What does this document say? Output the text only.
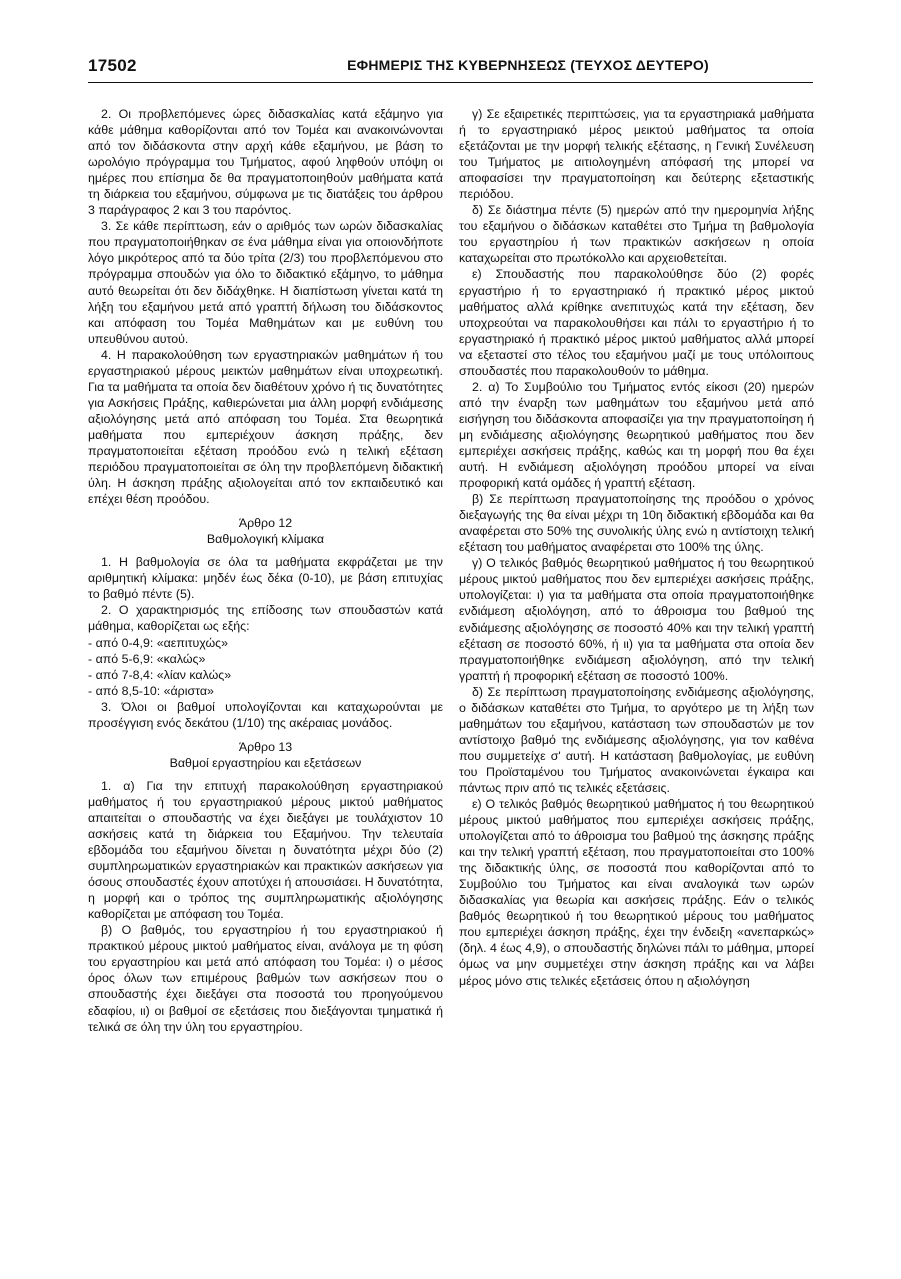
17502	ΕΦΗΜΕΡΙΣ ΤΗΣ ΚΥΒΕΡΝΗΣΕΩΣ (ΤΕΥΧΟΣ ΔΕΥΤΕΡΟ)

2. Οι προβλεπόμενες ώρες διδασκαλίας κατά εξάμηνο για κάθε μάθημα καθορίζονται από τον Τομέα και ανακοινώνονται από τον διδάσκοντα στην αρχή κάθε εξαμήνου, με βάση το ωρολόγιο πρόγραμμα του Τμήματος, αφού ληφθούν υπόψη οι ημέρες που επίσημα δε θα πραγματοποιηθούν μαθήματα κατά τη διάρκεια του εξαμήνου, σύμφωνα με τις διατάξεις του άρθρου 3 παράγραφος 2 και 3 του παρόντος.

3. Σε κάθε περίπτωση, εάν ο αριθμός των ωρών διδασκαλίας που πραγματοποιήθηκαν σε ένα μάθημα είναι για οποιονδήποτε λόγο μικρότερος από τα δύο τρίτα (2/3) του προβλεπόμενου στο πρόγραμμα σπουδών για όλο το διδακτικό εξάμηνο, το μάθημα αυτό θεωρείται ότι δεν διδάχθηκε. Η διαπίστωση γίνεται κατά τη λήξη του εξαμήνου μετά από γραπτή δήλωση του διδάσκοντος και απόφαση του Τομέα Μαθημάτων και με ευθύνη του υπευθύνου αυτού.

4. Η παρακολούθηση των εργαστηριακών μαθημάτων ή του εργαστηριακού μέρους μεικτών μαθημάτων είναι υποχρεωτική. Για τα μαθήματα τα οποία δεν διαθέτουν χρόνο ή τις δυνατότητες για Ασκήσεις Πράξης, καθιερώνεται μια άλλη μορφή ενδιάμεσης αξιολόγησης μετά από απόφαση του Τομέα. Στα θεωρητικά μαθήματα που εμπεριέχουν άσκηση πράξης, δεν πραγματοποιείται εξέταση προόδου ενώ η τελική εξέταση περιόδου πραγματοποιείται σε όλη την προβλεπόμενη διδακτική ύλη. Η άσκηση πράξης αξιολογείται από τον εκπαιδευτικό και επέχει θέση προόδου.

Άρθρο 12

Βαθμολογική κλίμακα

1. Η βαθμολογία σε όλα τα μαθήματα εκφράζεται με την αριθμητική κλίμακα: μηδέν έως δέκα (0-10), με βάση επιτυχίας το βαθμό πέντε (5).

2. Ο χαρακτηρισμός της επίδοσης των σπουδαστών κατά μάθημα, καθορίζεται ως εξής:

- από 0-4,9: «αεπιτυχώς»

- από 5-6,9: «καλώς»

- από 7-8,4: «λίαν καλώς»

- από 8,5-10: «άριστα»

3. Όλοι οι βαθμοί υπολογίζονται και καταχωρούνται με προσέγγιση ενός δεκάτου (1/10) της ακέραιας μονάδος.

Άρθρο 13

Βαθμοί εργαστηρίου και εξετάσεων

1. α) Για την επιτυχή παρακολούθηση εργαστηριακού μαθήματος ή του εργαστηριακού μέρους μικτού μαθήματος απαιτείται ο σπουδαστής να έχει διεξάγει με τουλάχιστον 10 ασκήσεις κατά τη διάρκεια του Εξαμήνου. Την τελευταία εβδομάδα του εξαμήνου δίνεται η δυνατότητα μέχρι δύο (2) συμπληρωματικών εργαστηριακών και πρακτικών ασκήσεων για όσους σπουδαστές έχουν αποτύχει ή απουσιάσει. Η δυνατότητα, η μορφή και ο τρόπος της συμπληρωματικής αξιολόγησης καθορίζεται με απόφαση του Τομέα.

β) Ο βαθμός, του εργαστηρίου ή του εργαστηριακού ή πρακτικού μέρους μικτού μαθήματος είναι, ανάλογα με τη φύση του εργαστηρίου και μετά από απόφαση του Τομέα: ι) ο μέσος όρος όλων των επιμέρους βαθμών των ασκήσεων που ο σπουδαστής έχει διεξάγει στα ποσοστά του προηγούμενου εδαφίου, ιι) οι βαθμοί σε εξετάσεις που διεξάγονται τμηματικά ή τελικά σε όλη την ύλη του εργαστηρίου.

γ) Σε εξαιρετικές περιπτώσεις, για τα εργαστηριακά μαθήματα ή το εργαστηριακό μέρος μεικτού μαθήματος τα οποία εξετάζονται με την μορφή τελικής εξέτασης, η Γενική Συνέλευση του Τμήματος με αιτιολογημένη απόφασή της μπορεί να αποφασίσει την πραγματοποίηση και δεύτερης εξεταστικής περιόδου.

δ) Σε διάστημα πέντε (5) ημερών από την ημερομηνία λήξης του εξαμήνου ο διδάσκων καταθέτει στο Τμήμα τη βαθμολογία του εργαστηρίου ή των πρακτικών ασκήσεων η οποία καταχωρείται στο πρωτόκολλο και αρχειοθετείται.

ε) Σπουδαστής που παρακολούθησε δύο (2) φορές εργαστήριο ή το εργαστηριακό ή πρακτικό μέρος μικτού μαθήματος αλλά κρίθηκε ανεπιτυχώς κατά την εξέταση, δεν υποχρεούται να παρακολουθήσει και πάλι το εργαστήριο ή το εργαστηριακό ή πρακτικό μέρος μικτού μαθήματος αλλά μπορεί να εξεταστεί στο τέλος του εξαμήνου μαζί με τους υπόλοιπους σπουδαστές που παρακολουθούν το μάθημα.

2. α) Το Συμβούλιο του Τμήματος εντός είκοσι (20) ημερών από την έναρξη των μαθημάτων του εξαμήνου μετά από εισήγηση του διδάσκοντα αποφασίζει για την πραγματοποίηση ή μη ενδιάμεσης αξιολόγησης θεωρητικού μαθήματος που δεν εμπεριέχει ασκήσεις πράξης, καθώς και τη μορφή που θα έχει αυτή. Η ενδιάμεση αξιολόγηση προόδου μπορεί να είναι προφορική κατά ομάδες ή γραπτή εξέταση.

β) Σε περίπτωση πραγματοποίησης της προόδου ο χρόνος διεξαγωγής της θα είναι μέχρι τη 10η διδακτική εβδομάδα και θα αναφέρεται στο 50% της συνολικής ύλης ενώ η αντίστοιχη τελική εξέταση του μαθήματος αναφέρεται στο 100% της ύλης.

γ) Ο τελικός βαθμός θεωρητικού μαθήματος ή του θεωρητικού μέρους μικτού μαθήματος που δεν εμπεριέχει ασκήσεις πράξης, υπολογίζεται: ι) για τα μαθήματα στα οποία πραγματοποιήθηκε ενδιάμεση αξιολόγηση, από το άθροισμα του βαθμού της ενδιάμεσης αξιολόγησης σε ποσοστό 40% και την τελική γραπτή εξέταση σε ποσοστό 60%, ή ιι) για τα μαθήματα στα οποία δεν πραγματοποιήθηκε ενδιάμεση αξιολόγηση, από την τελική γραπτή ή προφορική εξέταση σε ποσοστό 100%.

δ) Σε περίπτωση πραγματοποίησης ενδιάμεσης αξιολόγησης, ο διδάσκων καταθέτει στο Τμήμα, το αργότερο με τη λήξη των μαθημάτων του εξαμήνου, κατάσταση των σπουδαστών με τον αντίστοιχο βαθμό της ενδιάμεσης αξιολόγησης, για τον καθένα που συμμετείχε σ' αυτή. Η κατάσταση βαθμολογίας, με ευθύνη του Προϊσταμένου του Τμήματος ανακοινώνεται έγκαιρα και πάντως πριν από τις τελικές εξετάσεις.

ε) Ο τελικός βαθμός θεωρητικού μαθήματος ή του θεωρητικού μέρους μικτού μαθήματος που εμπεριέχει ασκήσεις πράξης, υπολογίζεται από το άθροισμα του βαθμού της άσκησης πράξης και την τελική γραπτή εξέταση, που πραγματοποιείται στο 100% της διδακτικής ύλης, σε ποσοστά που καθορίζονται από το Συμβούλιο του Τμήματος και είναι αναλογικά των ωρών διδασκαλίας για θεωρία και ασκήσεις πράξης. Εάν ο τελικός βαθμός θεωρητικού ή του θεωρητικού μέρους του μαθήματος που εμπεριέχει άσκηση πράξης, έχει την ένδειξη «ανεπαρκώς» (δηλ. 4 έως 4,9), ο σπουδαστής δηλώνει πάλι το μάθημα, μπορεί όμως να μην συμμετέχει στην άσκηση πράξης και να λάβει μέρος μόνο στις τελικές εξετάσεις όπου η αξιολόγηση
